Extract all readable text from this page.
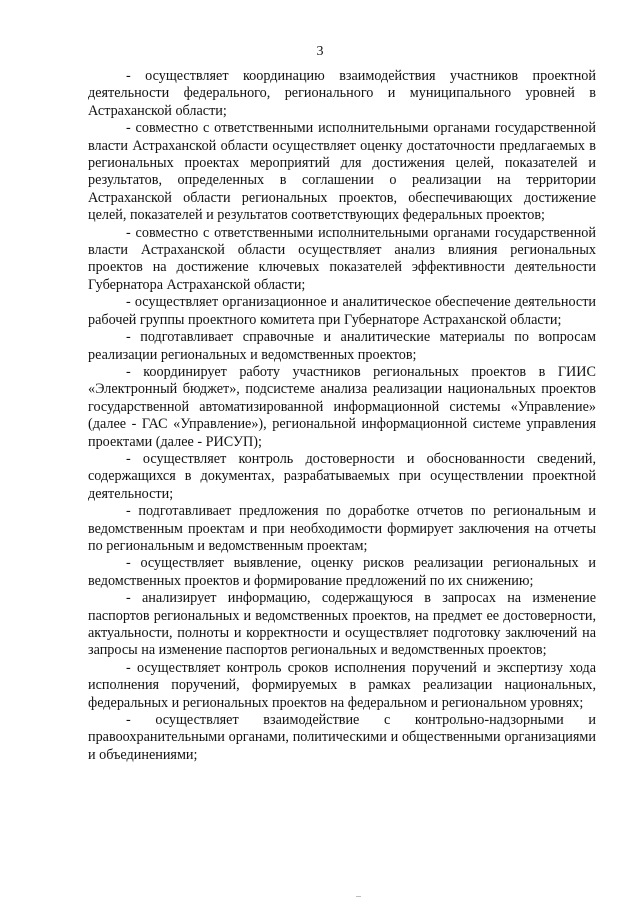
3

- осуществляет координацию взаимодействия участников проектной деятельности федерального, регионального и муниципального уровней в Астраханской области;

- совместно с ответственными исполнительными органами государственной власти Астраханской области осуществляет оценку достаточности предлагаемых в региональных проектах мероприятий для достижения целей, показателей и результатов, определенных в соглашении о реализации на территории Астраханской области региональных проектов, обеспечивающих достижение целей, показателей и результатов соответствующих федеральных проектов;

- совместно с ответственными исполнительными органами государственной власти Астраханской области осуществляет анализ влияния региональных проектов на достижение ключевых показателей эффективности деятельности Губернатора Астраханской области;

- осуществляет организационное и аналитическое обеспечение деятельности рабочей группы проектного комитета при Губернаторе Астраханской области;

- подготавливает справочные и аналитические материалы по вопросам реализации региональных и ведомственных проектов;

- координирует работу участников региональных проектов в ГИИС «Электронный бюджет», подсистеме анализа реализации национальных проектов государственной автоматизированной информационной системы «Управление» (далее - ГАС «Управление»), региональной информационной системе управления проектами (далее - РИСУП);

- осуществляет контроль достоверности и обоснованности сведений, содержащихся в документах, разрабатываемых при осуществлении проектной деятельности;

- подготавливает предложения по доработке отчетов по региональным и ведомственным проектам и при необходимости формирует заключения на отчеты по региональным и ведомственным проектам;

- осуществляет выявление, оценку рисков реализации региональных и ведомственных проектов и формирование предложений по их снижению;

- анализирует информацию, содержащуюся в запросах на изменение паспортов региональных и ведомственных проектов, на предмет ее достоверности, актуальности, полноты и корректности и осуществляет подготовку заключений на запросы на изменение паспортов региональных и ведомственных проектов;

- осуществляет контроль сроков исполнения поручений и экспертизу хода исполнения поручений, формируемых в рамках реализации национальных, федеральных и региональных проектов на федеральном и региональном уровнях;

- осуществляет взаимодействие с контрольно-надзорными и правоохранительными органами, политическими и общественными организациями и объединениями;
